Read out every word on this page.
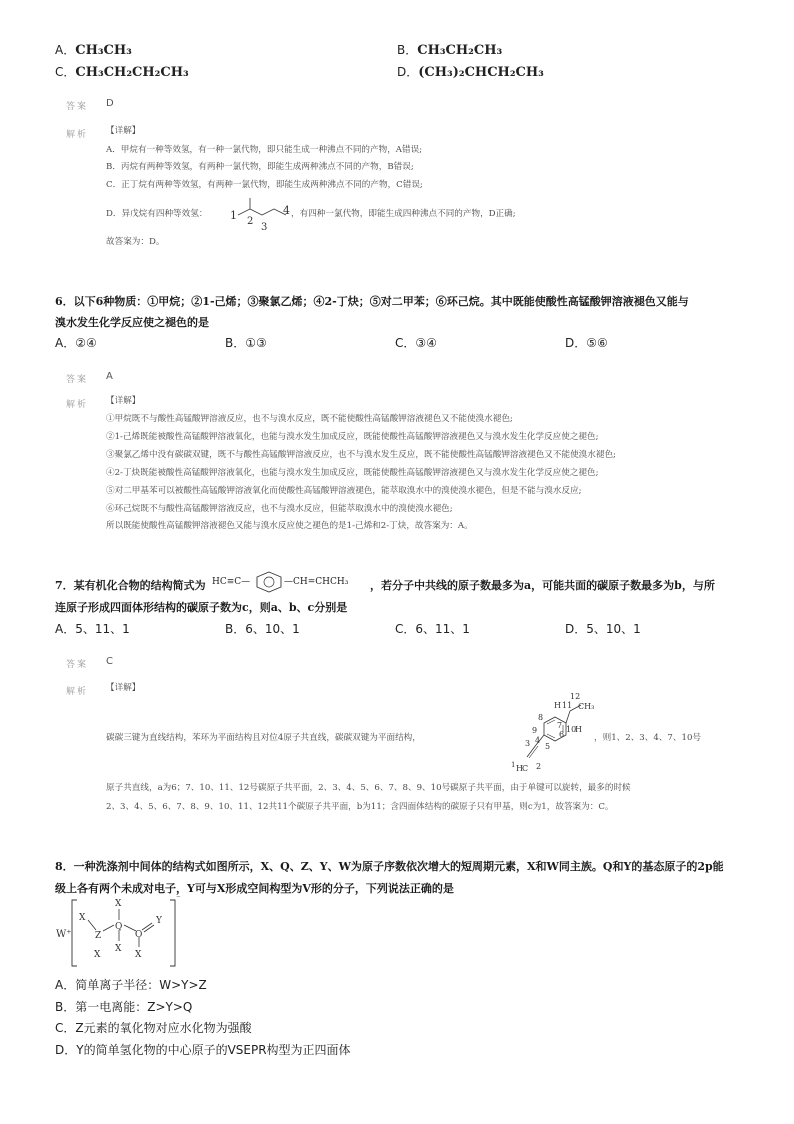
A．CH₃CH₃	B．CH₃CH₂CH₃
C．CH₃CH₂CH₂CH₃	D．(CH₃)₂CHCH₂CH₃
答案 D
解析 【详解】
A．甲烷有一种等效氢，有一种一氯代物，即只能生成一种沸点不同的产物，A错误;
B．丙烷有两种等效氢，有两种一氯代物，即能生成两种沸点不同的产物，B错误;
C．正丁烷有两种等效氢，有两种一氯代物，即能生成两种沸点不同的产物，C错误;
D．异戊烷有四种等效氢： 1 2
3
4 ，有四种一氯代物，即能生成四种沸点不同的产物，D正确;
故答案为：D。
6．以下6种物质：①甲烷；②1-己烯；③聚氯乙烯；④2-丁炔；⑤对二甲苯；⑥环己烷。其中既能使酸性高锰酸钾溶液褪色又能与
溴水发生化学反应使之褪色的是
A．②④	B．①③	C．③④	D．⑤⑥
答案 A
解析 【详解】
①甲烷既不与酸性高锰酸钾溶液反应，也不与溴水反应，既不能使酸性高锰酸钾溶液褪色又不能使溴水褪色;
②1-己烯既能被酸性高锰酸钾溶液氧化，也能与溴水发生加成反应，既能使酸性高锰酸钾溶液褪色又与溴水发生化学反应使之褪色;
③聚氯乙烯中没有碳碳双键，既不与酸性高锰酸钾溶液反应，也不与溴水发生反应，既不能使酸性高锰酸钾溶液褪色又不能使溴水褪色;
④2-丁炔既能被酸性高锰酸钾溶液氧化，也能与溴水发生加成反应，既能使酸性高锰酸钾溶液褪色又与溴水发生化学反应使之褪色;
⑤对二甲基苯可以被酸性高锰酸钾溶液氧化而使酸性高锰酸钾溶液褪色，能萃取溴水中的溴使溴水褪色，但是不能与溴水反应;
⑥环己烷既不与酸性高锰酸钾溶液反应，也不与溴水反应，但能萃取溴水中的溴使溴水褪色;
所以既能使酸性高锰酸钾溶液褪色又能与溴水反应使之褪色的是1-己烯和2-丁炔，故答案为：A。
7．某有机化合物的结构简式为 HC≡C—	—CH=CHCH₃ ，若分子中共线的原子数最多为a，可能共面的碳原子数最多为b，与所
连原子形成四面体形结构的碳原子数为c，则a、b、c分别是
A．5、11、1	B．6、10、1	C．6、11、1	D．5、10、1
答案 C
解析 【详解】
碳碳三键为直线结构，苯环为平面结构且对位4原子共直线，碳碳双键为平面结构，
12
H 11 CH₃
8
9
7
6
10
H
5
4
3
1 H C 2
，则1、2、3、4、7、10号
原子共直线，a为6；7、10、11、12号碳原子共平面，2、3、4、5、6、7、8、9、10号碳原子共平面，由于单键可以旋转，最多的时候
2、3、4、5、6、7、8、9、10、11、12共11个碳原子共平面，b为11；含四面体结构的碳原子只有甲基，则c为1，故答案为：C。
8．一种洗涤剂中间体的结构式如图所示，X、Q、Z、Y、W为原子序数依次增大的短周期元素，X和W同主族。Q和Y的基态原子的2p能
级上各有两个未成对电子，Y可与X形成空间构型为V形的分子，下列说法正确的是
W⁺
X
Z
Q
X
X
O
Y
X
X
⁻
A．简单离子半径：W>Y>Z
B．第一电离能：Z>Y>Q
C．Z元素的氧化物对应水化物为强酸
D．Y的简单氢化物的中心原子的VSEPR构型为正四面体
